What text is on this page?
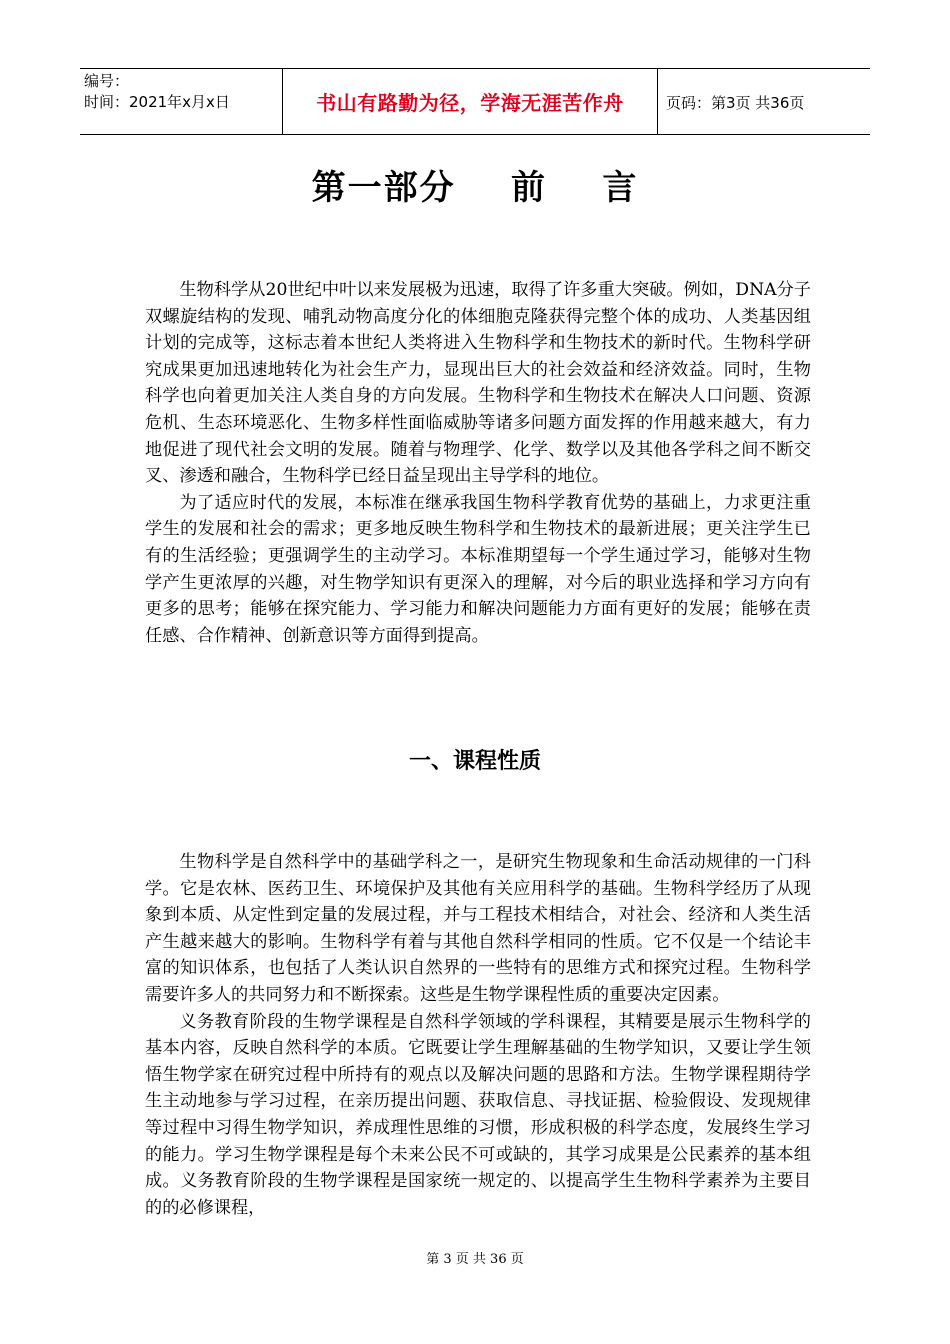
编号：
时间：2021年x月x日	书山有路勤为径，学海无涯苦作舟	页码：第3页 共36页
第一部分    前    言

生物科学从20世纪中叶以来发展极为迅速，取得了许多重大突破。例如，DNA分子双螺旋结构的发现、哺乳动物高度分化的体细胞克隆获得完整个体的成功、人类基因组计划的完成等，这标志着本世纪人类将进入生物科学和生物技术的新时代。生物科学研究成果更加迅速地转化为社会生产力，显现出巨大的社会效益和经济效益。同时，生物科学也向着更加关注人类自身的方向发展。生物科学和生物技术在解决人口问题、资源危机、生态环境恶化、生物多样性面临威胁等诸多问题方面发挥的作用越来越大，有力地促进了现代社会文明的发展。随着与物理学、化学、数学以及其他各学科之间不断交叉、渗透和融合，生物科学已经日益呈现出主导学科的地位。

为了适应时代的发展，本标准在继承我国生物科学教育优势的基础上，力求更注重学生的发展和社会的需求；更多地反映生物科学和生物技术的最新进展；更关注学生已有的生活经验；更强调学生的主动学习。本标准期望每一个学生通过学习，能够对生物学产生更浓厚的兴趣，对生物学知识有更深入的理解，对今后的职业选择和学习方向有更多的思考；能够在探究能力、学习能力和解决问题能力方面有更好的发展；能够在责任感、合作精神、创新意识等方面得到提高。

一、课程性质

生物科学是自然科学中的基础学科之一，是研究生物现象和生命活动规律的一门科学。它是农林、医药卫生、环境保护及其他有关应用科学的基础。生物科学经历了从现象到本质、从定性到定量的发展过程，并与工程技术相结合，对社会、经济和人类生活产生越来越大的影响。生物科学有着与其他自然科学相同的性质。它不仅是一个结论丰富的知识体系，也包括了人类认识自然界的一些特有的思维方式和探究过程。生物科学需要许多人的共同努力和不断探索。这些是生物学课程性质的重要决定因素。

义务教育阶段的生物学课程是自然科学领域的学科课程，其精要是展示生物科学的基本内容，反映自然科学的本质。它既要让学生理解基础的生物学知识，又要让学生领悟生物学家在研究过程中所持有的观点以及解决问题的思路和方法。生物学课程期待学生主动地参与学习过程，在亲历提出问题、获取信息、寻找证据、检验假设、发现规律等过程中习得生物学知识，养成理性思维的习惯，形成积极的科学态度，发展终生学习的能力。学习生物学课程是每个未来公民不可或缺的，其学习成果是公民素养的基本组成。义务教育阶段的生物学课程是国家统一规定的、以提高学生生物科学素养为主要目的的必修课程，

第 3 页 共 36 页
